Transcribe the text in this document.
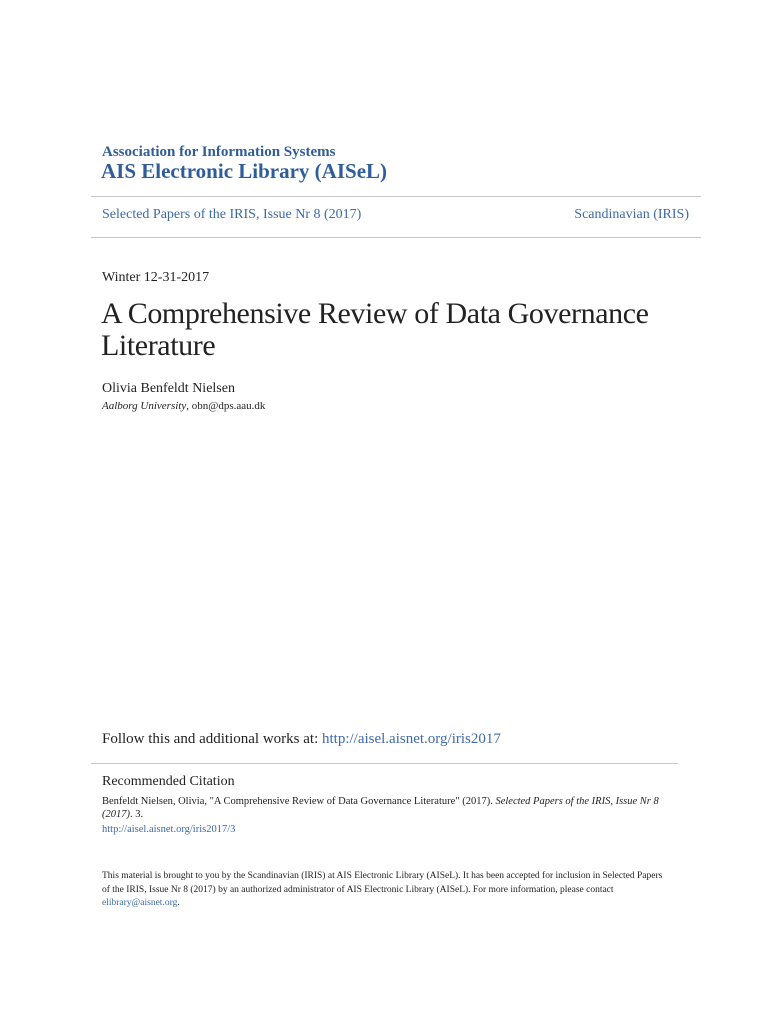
Association for Information Systems
AIS Electronic Library (AISeL)
Selected Papers of the IRIS, Issue Nr 8 (2017)	Scandinavian (IRIS)
Winter 12-31-2017
A Comprehensive Review of Data Governance Literature
Olivia Benfeldt Nielsen
Aalborg University, obn@dps.aau.dk
Follow this and additional works at: http://aisel.aisnet.org/iris2017
Recommended Citation
Benfeldt Nielsen, Olivia, "A Comprehensive Review of Data Governance Literature" (2017). Selected Papers of the IRIS, Issue Nr 8 (2017). 3.
http://aisel.aisnet.org/iris2017/3
This material is brought to you by the Scandinavian (IRIS) at AIS Electronic Library (AISeL). It has been accepted for inclusion in Selected Papers of the IRIS, Issue Nr 8 (2017) by an authorized administrator of AIS Electronic Library (AISeL). For more information, please contact
elibrary@aisnet.org.
